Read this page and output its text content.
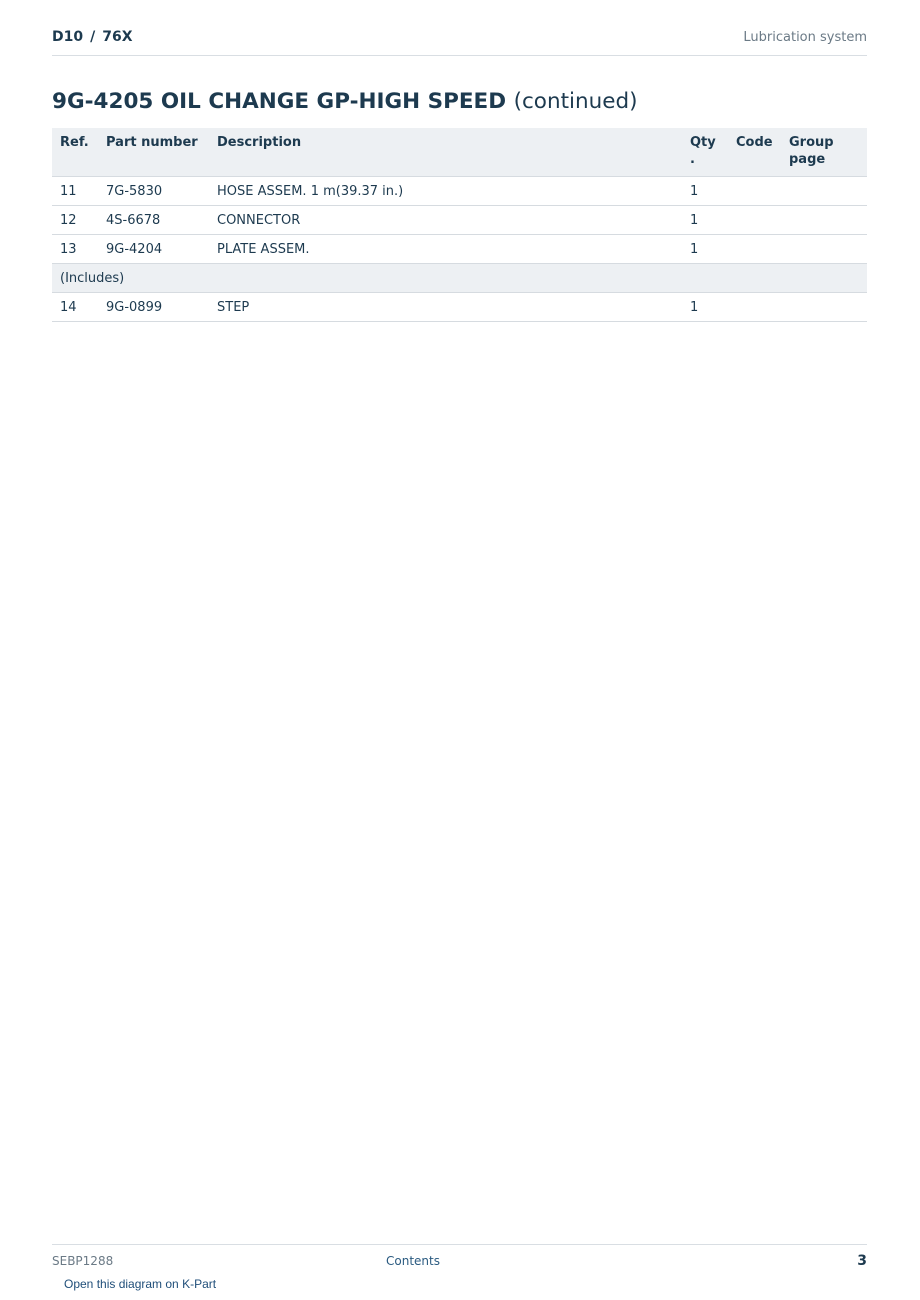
D10 / 76X	Lubrication system
9G-4205 OIL CHANGE GP-HIGH SPEED (continued)
Ref.	Part number	Description	Qty.	Code	Group page
11	7G-5830	HOSE ASSEM. 1 m(39.37 in.)	1		
12	4S-6678	CONNECTOR	1		
13	9G-4204	PLATE ASSEM.	1		
(Includes)					
14	9G-0899	STEP	1		
SEBP1288	Contents	3
Open this diagram on K-Part
